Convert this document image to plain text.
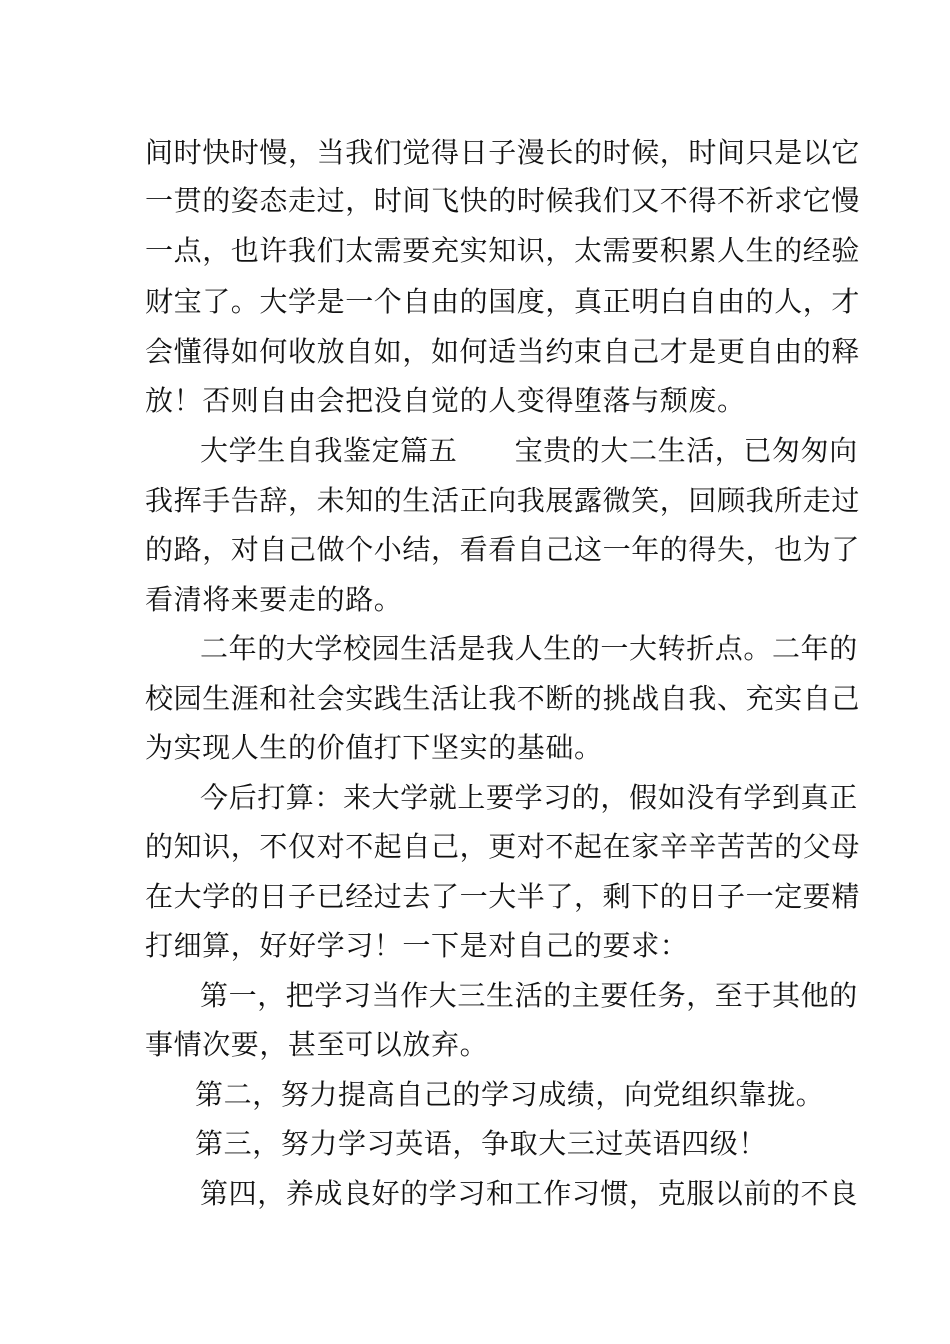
间时快时慢，当我们觉得日子漫长的时候，时间只是以它
一贯的姿态走过，时间飞快的时候我们又不得不祈求它慢
一点，也许我们太需要充实知识，太需要积累人生的经验
财宝了。大学是一个自由的国度，真正明白自由的人，才
会懂得如何收放自如，如何适当约束自己才是更自由的释
放！否则自由会把没自觉的人变得堕落与颓废。
大学生自我鉴定篇五　　宝贵的大二生活，已匆匆向
我挥手告辞，未知的生活正向我展露微笑，回顾我所走过
的路，对自己做个小结，看看自己这一年的得失，也为了
看清将来要走的路。
二年的大学校园生活是我人生的一大转折点。二年的
校园生涯和社会实践生活让我不断的挑战自我、充实自己
为实现人生的价值打下坚实的基础。
今后打算：来大学就上要学习的，假如没有学到真正
的知识，不仅对不起自己，更对不起在家辛辛苦苦的父母
在大学的日子已经过去了一大半了，剩下的日子一定要精
打细算，好好学习！一下是对自己的要求：
第一，把学习当作大三生活的主要任务，至于其他的
事情次要，甚至可以放弃。
第二，努力提高自己的学习成绩，向党组织靠拢。
第三，努力学习英语，争取大三过英语四级！
第四，养成良好的学习和工作习惯，克服以前的不良
